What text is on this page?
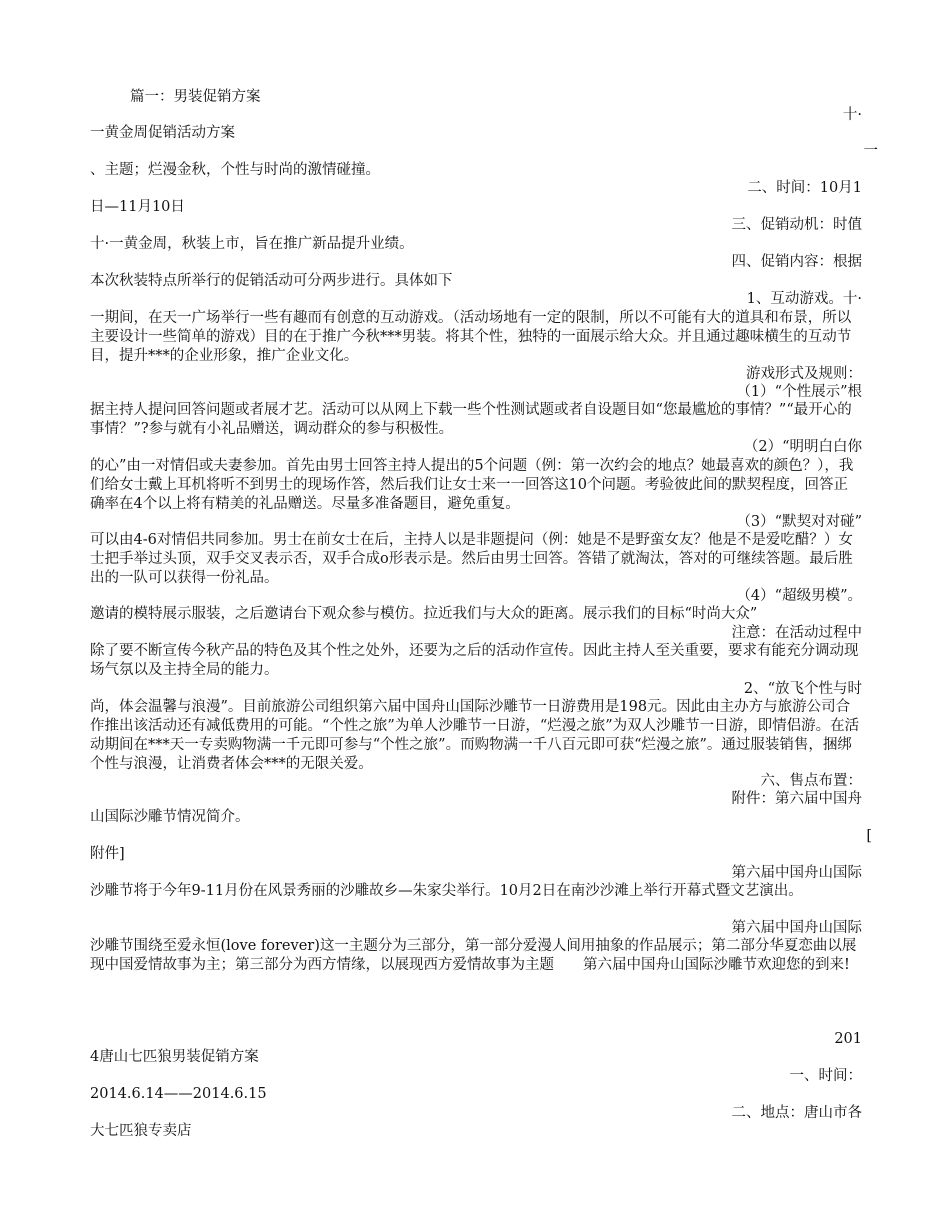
篇一：男装促销方案
十·
一黄金周促销活动方案
一
、主题；烂漫金秋，个性与时尚的激情碰撞。
二、时间：10月1
日—11月10日
三、促销动机：时值
十·一黄金周，秋装上市，旨在推广新品提升业绩。
四、促销内容：根据
本次秋装特点所举行的促销活动可分两步进行。具体如下
1、互动游戏。十·
一期间，在天一广场举行一些有趣而有创意的互动游戏。（活动场地有一定的限制，所以不可能有大的道具和布景，所以主要设计一些简单的游戏）目的在于推广今秋***男装。将其个性，独特的一面展示给大众。并且通过趣味横生的互动节目，提升***的企业形象，推广企业文化。
游戏形式及规则：
（1）“个性展示”根
据主持人提问回答问题或者展才艺。活动可以从网上下载一些个性测试题或者自设题目如“您最尴尬的事情？”“最开心的事情？”?参与就有小礼品赠送，调动群众的参与积极性。
（2）“明明白白你
的心”由一对情侣或夫妻参加。首先由男士回答主持人提出的5个问题（例：第一次约会的地点？她最喜欢的颜色？），我们给女士戴上耳机将听不到男士的现场作答，然后我们让女士来一一回答这10个问题。考验彼此间的默契程度，回答正确率在4个以上将有精美的礼品赠送。尽量多准备题目，避免重复。
（3）“默契对对碰”
可以由4-6对情侣共同参加。男士在前女士在后，主持人以是非题提问（例：她是不是野蛮女友？他是不是爱吃醋？）女士把手举过头顶，双手交叉表示否，双手合成o形表示是。然后由男士回答。答错了就淘汰，答对的可继续答题。最后胜出的一队可以获得一份礼品。
（4）“超级男模”。
邀请的模特展示服装，之后邀请台下观众参与模仿。拉近我们与大众的距离。展示我们的目标“时尚大众”
注意：在活动过程中
除了要不断宣传今秋产品的特色及其个性之处外，还要为之后的活动作宣传。因此主持人至关重要，要求有能充分调动现场气氛以及主持全局的能力。
2、“放飞个性与时
尚，体会温馨与浪漫”。目前旅游公司组织第六届中国舟山国际沙雕节一日游费用是198元。因此由主办方与旅游公司合作推出该活动还有减低费用的可能。“个性之旅”为单人沙雕节一日游，“烂漫之旅”为双人沙雕节一日游，即情侣游。在活动期间在***天一专卖购物满一千元即可参与“个性之旅”。而购物满一千八百元即可获“烂漫之旅”。通过服装销售，捆绑个性与浪漫，让消费者体会***的无限关爱。
六、售点布置：
附件：第六届中国舟
山国际沙雕节情况简介。
[
附件]
第六届中国舟山国际
沙雕节将于今年9-11月份在风景秀丽的沙雕故乡—朱家尖举行。10月2日在南沙沙滩上举行开幕式暨文艺演出。
第六届中国舟山国际
沙雕节围绕至爱永恒(love forever)这一主题分为三部分，第一部分爱漫人间用抽象的作品展示；第二部分华夏恋曲以展现中国爱情故事为主；第三部分为西方情缘，以展现西方爱情故事为主题　　第六届中国舟山国际沙雕节欢迎您的到来!
201
4唐山七匹狼男装促销方案
一、时间：
2014.6.14——2014.6.15
二、地点：唐山市各
大七匹狼专卖店
